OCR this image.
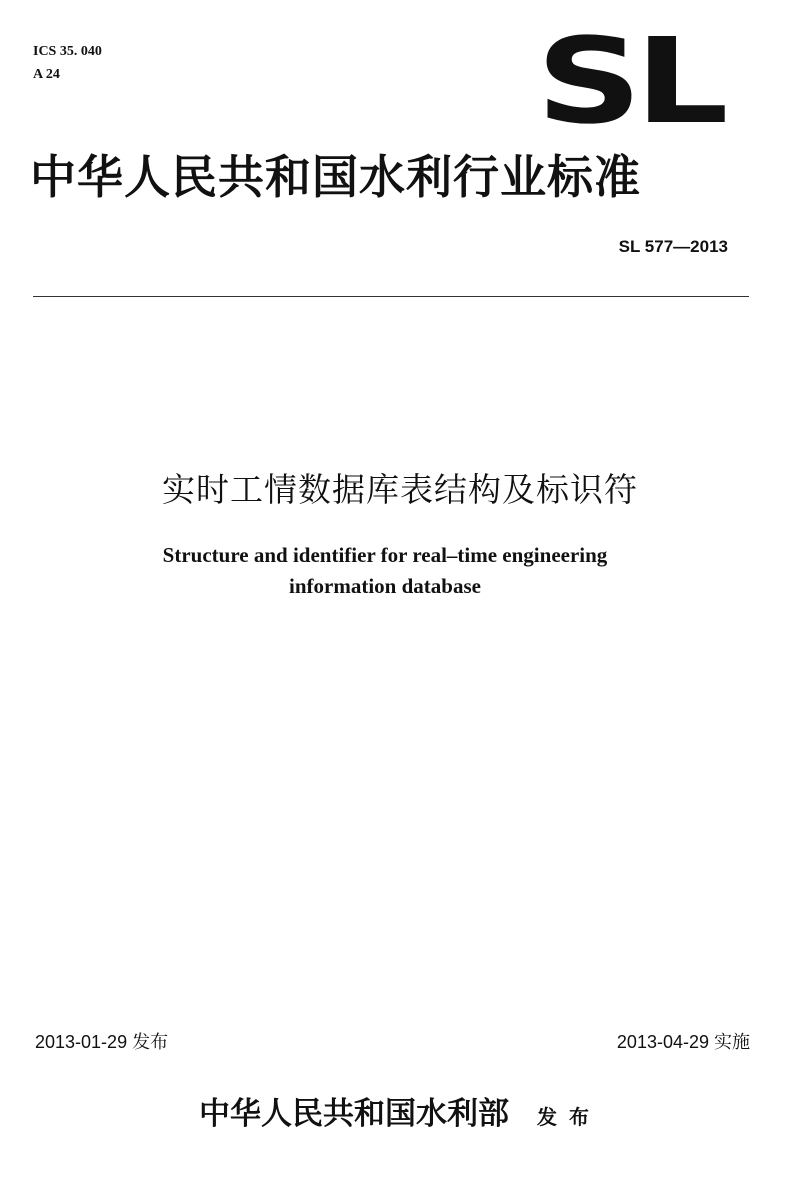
ICS 35. 040
A 24	SL
中华人民共和国水利行业标准
SL 577—2013
实时工情数据库表结构及标识符
Structure and identifier for real–time engineering
information database
2013-01-29 发布	2013-04-29 实施
中华人民共和国水利部 发布
